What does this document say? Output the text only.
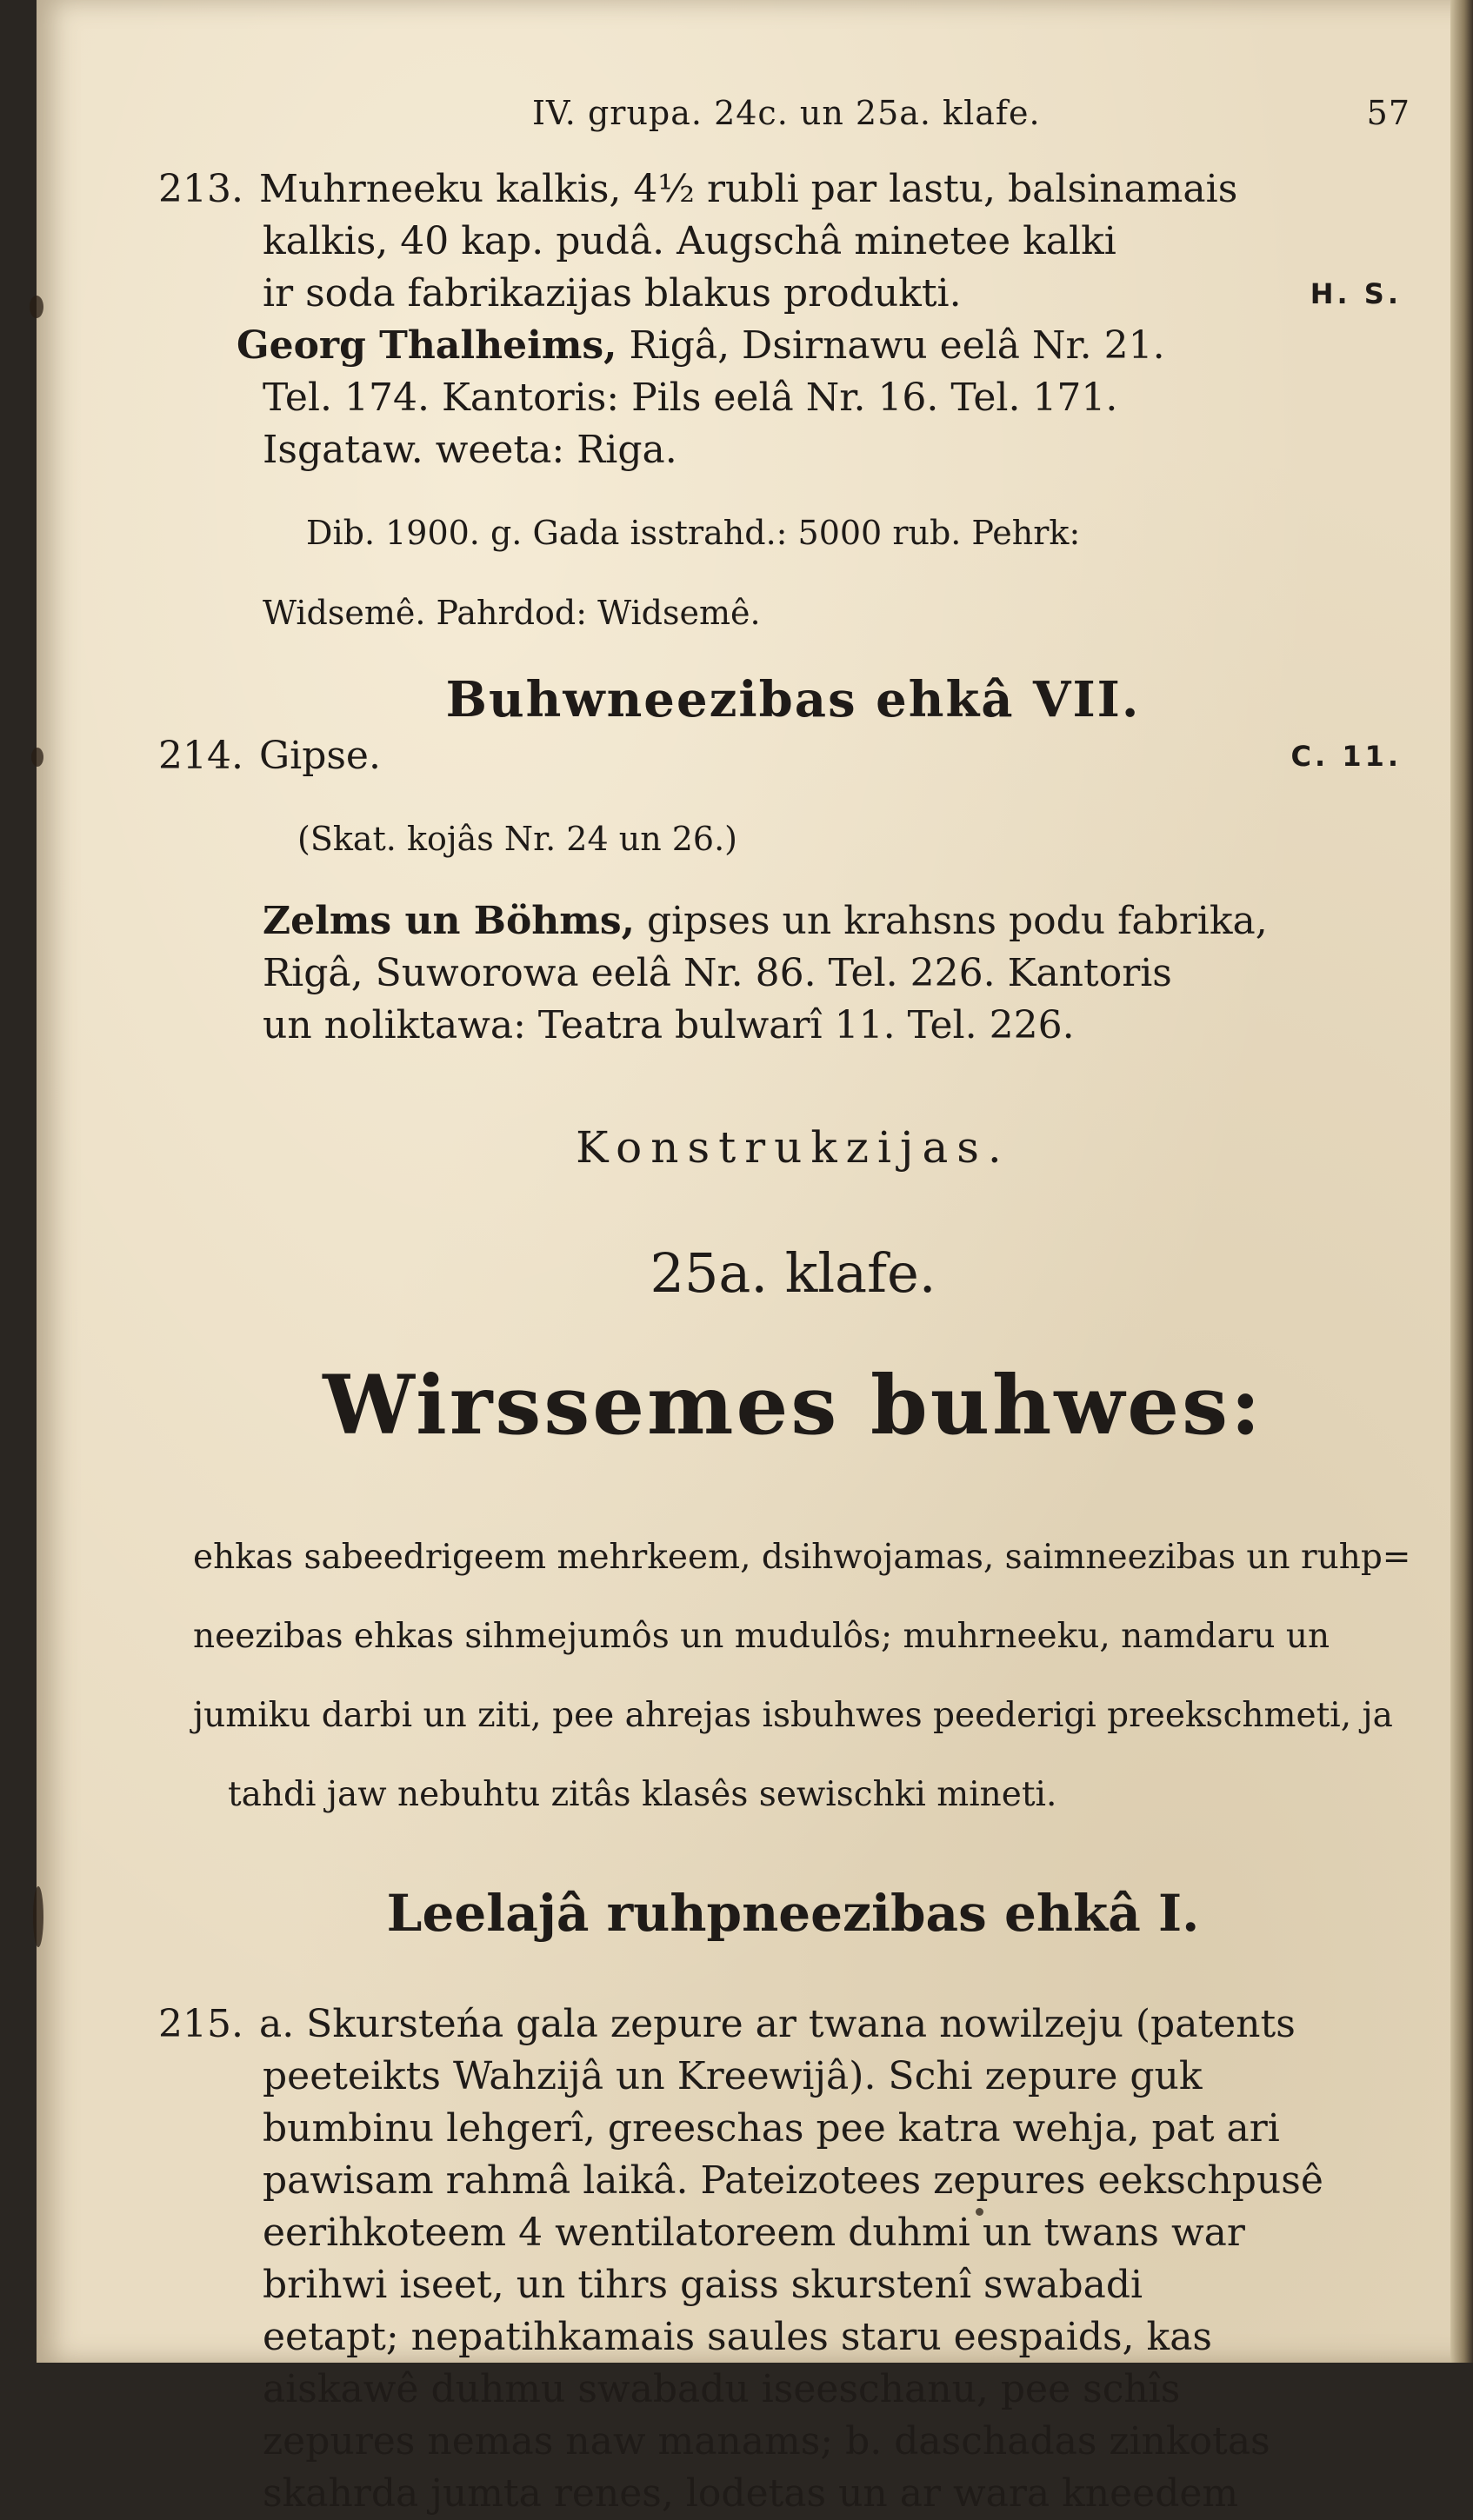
IV. grupa. 24c. un 25a. klafe.	57

213. Muhrneeku kalkis, 4½ rubli par lastu, balsinamais

kalkis, 40 kap. pudâ. Augschâ minetee kalki

ir soda fabrikazijas blakus produkti.	H. S.

Georg Thalheims, Rigâ, Dsirnawu eelâ Nr. 21.

Tel. 174. Kantoris: Pils eelâ Nr. 16. Tel. 171.

Isgataw. weeta: Riga.

Dib. 1900. g. Gada isstrahd.: 5000 rub. Pehrk:

Widsemê. Pahrdod: Widsemê.

Buhwneezibas ehkâ VII.

214. Gipse.	C. 11.

(Skat. kojâs Nr. 24 un 26.)

Zelms un Böhms, gipses un krahsns podu fabrika,

Rigâ, Suworowa eelâ Nr. 86. Tel. 226. Kantoris

un noliktawa: Teatra bulwarî 11. Tel. 226.

Konstrukzijas.

25a. klafe.

Wirssemes buhwes:

ehkas sabeedrigeem mehrkeem, dsihwojamas, saimneezibas un ruhp=

neezibas ehkas sihmejumôs un mudulôs; muhrneeku, namdaru un

jumiku darbi un ziti, pee ahrejas isbuhwes peederigi preekschmeti, ja

tahdi jaw nebuhtu zitâs klasês sewischki mineti.

Leelajâ ruhpneezibas ehkâ I.

215. a. Skursteńa gala zepure ar twana nowilzeju (patents

peeteikts Wahzijâ un Kreewijâ). Schi zepure guk

bumbinu lehgerî, greeschas pee katra wehja, pat ari

pawisam rahmâ laikâ. Pateizotees zepures eekschpusê

eerihkoteem 4 wentilatoreem duhmi un twans war

brihwi iseet, un tihrs gaiss skurstenî swabadi

eetapt; nepatihkamais saules staru eespaids, kas

aiskawê duhmu swabadu iseeschanu, pee schîs

zepures nemas naw manams; b. daschadas zinkotas

skahrda jumta renes, lodetas un ar wara kneedem
